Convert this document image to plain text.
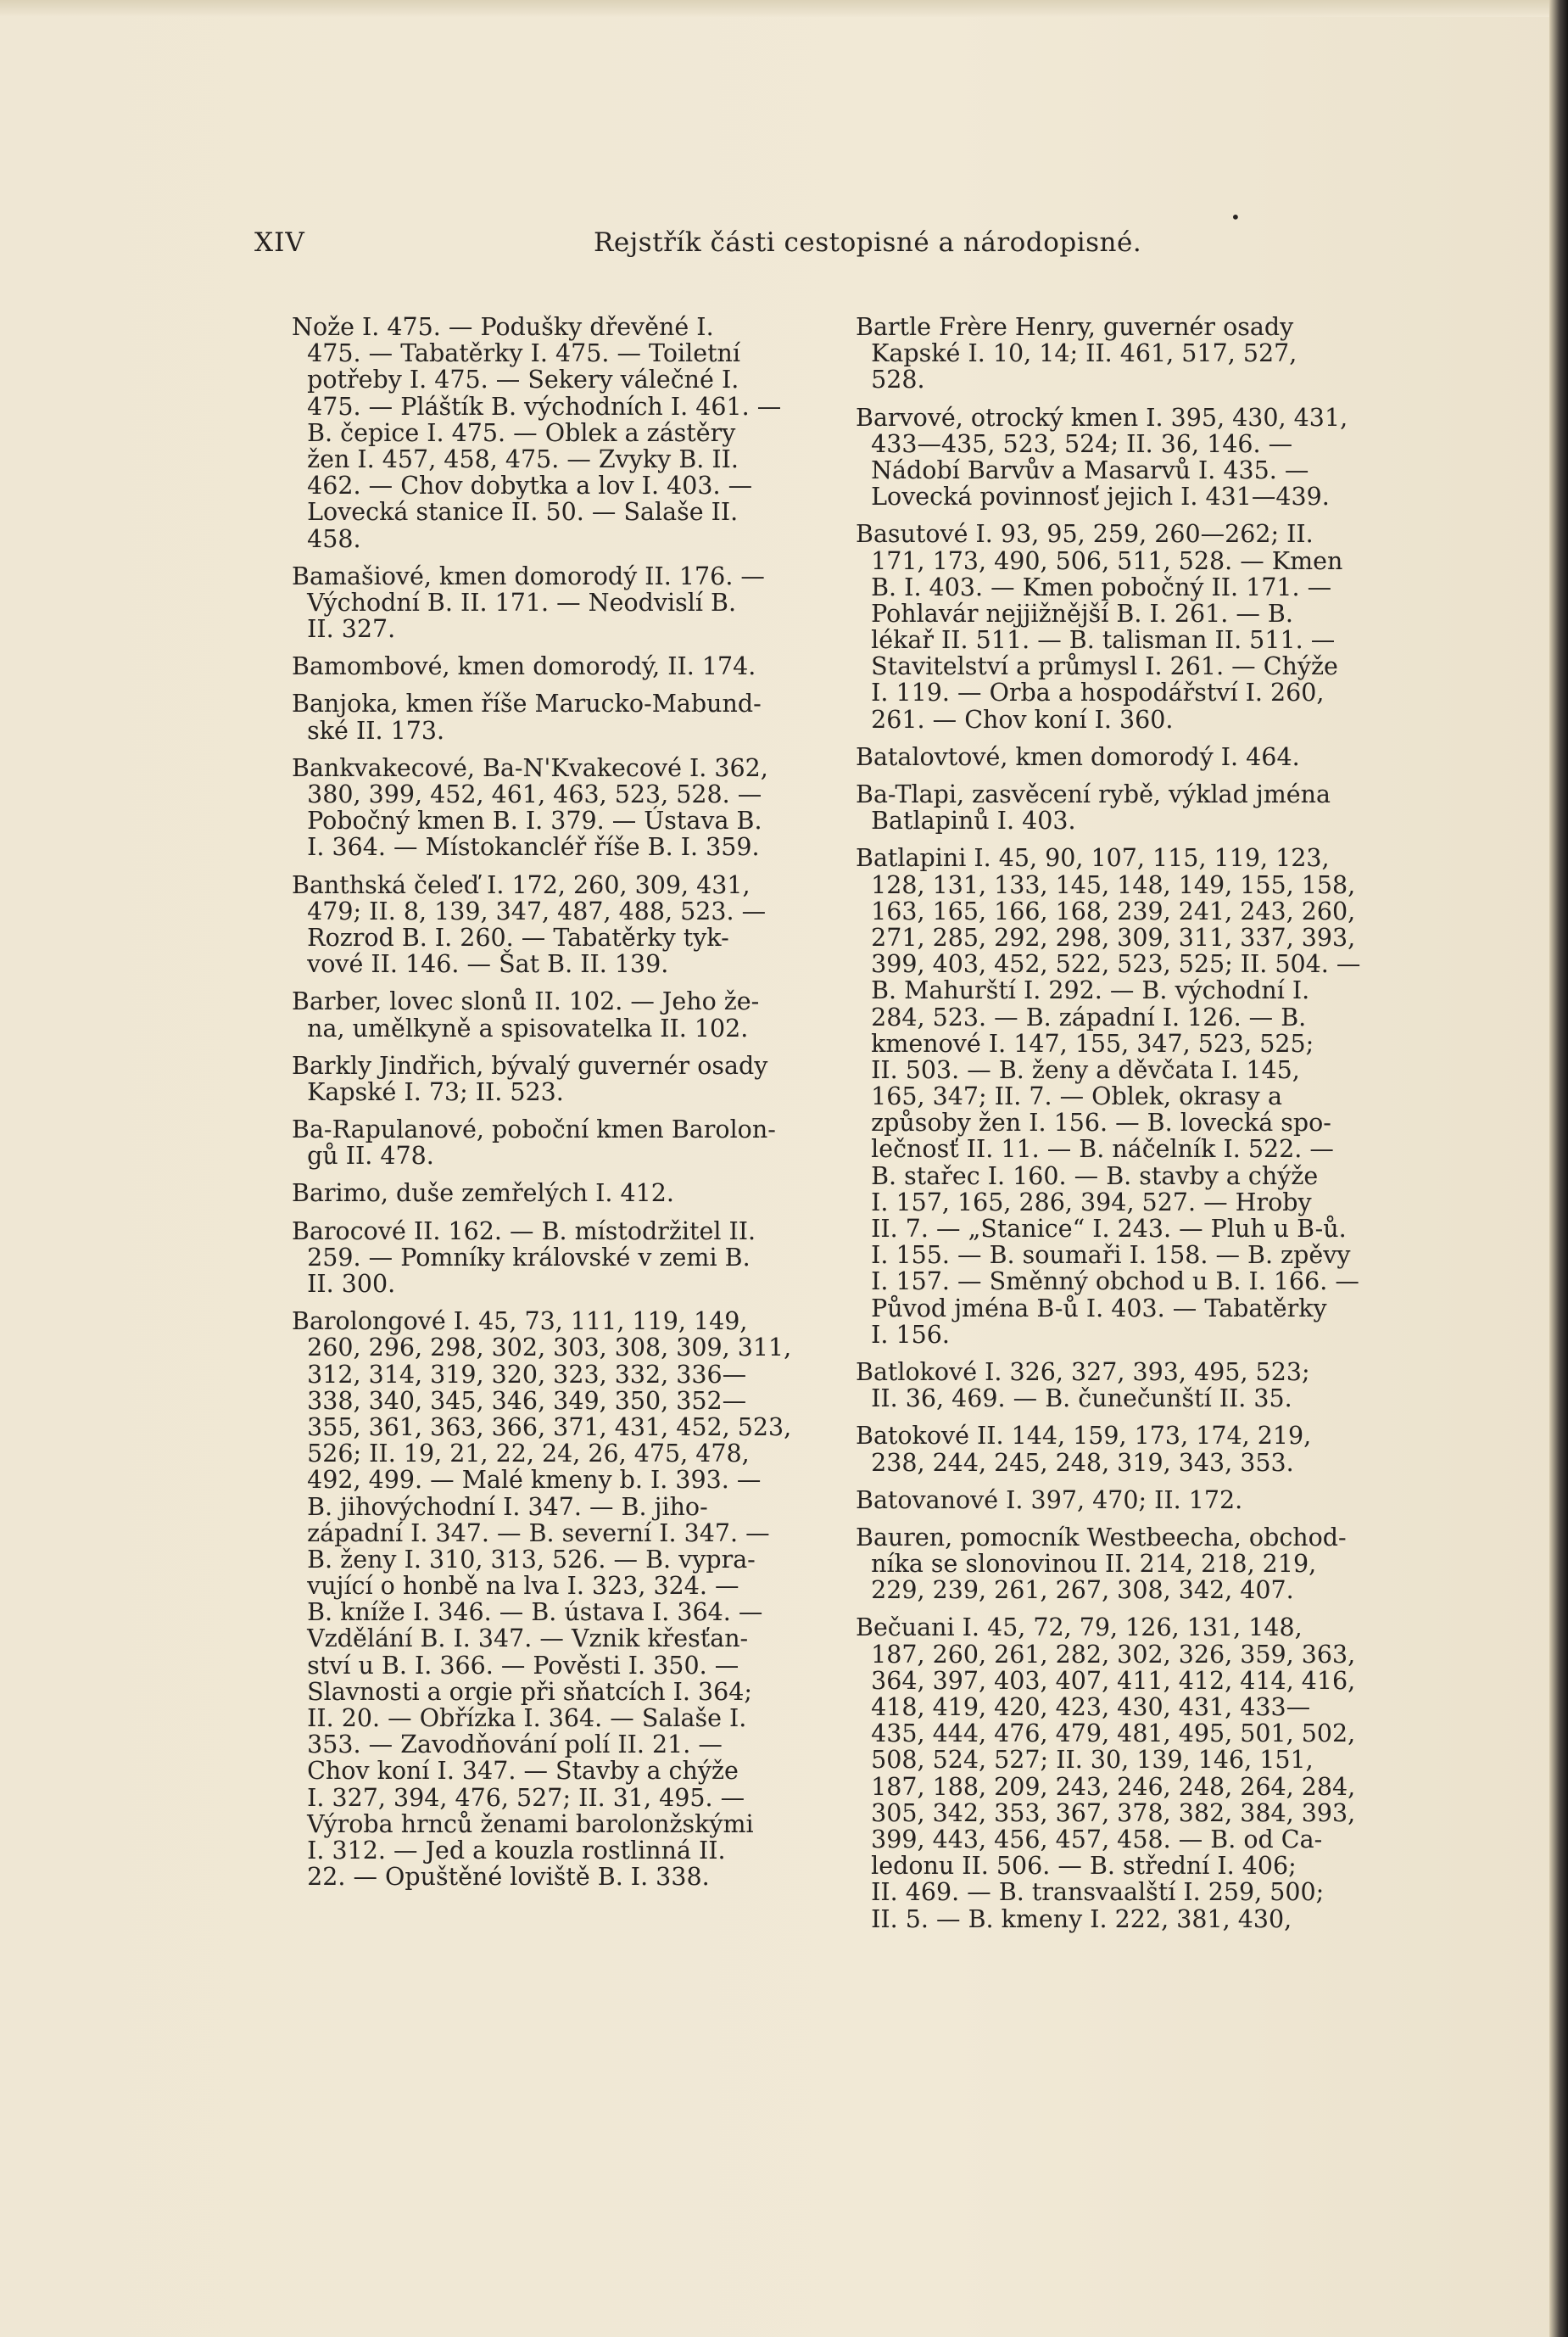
XIV	Rejstřík části cestopisné a národopisné.
•
Nože I. 475. — Podušky dřevěné I.
475. — Tabatěrky I. 475. — Toiletní
potřeby I. 475. — Sekery válečné I.
475. — Pláštík B. východních I. 461. —
B. čepice I. 475. — Oblek a zástěry
žen I. 457, 458, 475. — Zvyky B. II.
462. — Chov dobytka a lov I. 403. —
Lovecká stanice II. 50. — Salaše II.
458.
Bamašiové, kmen domorodý II. 176. —
Východní B. II. 171. — Neodvislí B.
II. 327.
Bamombové, kmen domorodý, II. 174.
Banjoka, kmen říše Marucko-Mabund-
ské II. 173.
Bankvakecové, Ba-N'Kvakecové I. 362,
380, 399, 452, 461, 463, 523, 528. —
Pobočný kmen B. I. 379. — Ústava B.
I. 364. — Místokancléř říše B. I. 359.
Banthská čeleď I. 172, 260, 309, 431,
479; II. 8, 139, 347, 487, 488, 523. —
Rozrod B. I. 260. — Tabatěrky tyk-
vové II. 146. — Šat B. II. 139.
Barber, lovec slonů II. 102. — Jeho že-
na, umělkyně a spisovatelka II. 102.
Barkly Jindřich, bývalý guvernér osady
Kapské I. 73; II. 523.
Ba-Rapulanové, poboční kmen Barolon-
gů II. 478.
Barimo, duše zemřelých I. 412.
Barocové II. 162. — B. místodržitel II.
259. — Pomníky královské v zemi B.
II. 300.
Barolongové I. 45, 73, 111, 119, 149,
260, 296, 298, 302, 303, 308, 309, 311,
312, 314, 319, 320, 323, 332, 336—
338, 340, 345, 346, 349, 350, 352—
355, 361, 363, 366, 371, 431, 452, 523,
526; II. 19, 21, 22, 24, 26, 475, 478,
492, 499. — Malé kmeny b. I. 393. —
B. jihovýchodní I. 347. — B. jiho-
západní I. 347. — B. severní I. 347. —
B. ženy I. 310, 313, 526. — B. vypra-
vující o honbě na lva I. 323, 324. —
B. kníže I. 346. — B. ústava I. 364. —
Vzdělání B. I. 347. — Vznik křesťan-
ství u B. I. 366. — Pověsti I. 350. —
Slavnosti a orgie při sňatcích I. 364;
II. 20. — Obřízka I. 364. — Salaše I.
353. — Zavodňování polí II. 21. —
Chov koní I. 347. — Stavby a chýže
I. 327, 394, 476, 527; II. 31, 495. —
Výroba hrnců ženami barolonžskými
I. 312. — Jed a kouzla rostlinná II.
22. — Opuštěné loviště B. I. 338.
Bartle Frère Henry, guvernér osady
Kapské I. 10, 14; II. 461, 517, 527,
528.
Barvové, otrocký kmen I. 395, 430, 431,
433—435, 523, 524; II. 36, 146. —
Nádobí Barvův a Masarvů I. 435. —
Lovecká povinnosť jejich I. 431—439.
Basutové I. 93, 95, 259, 260—262; II.
171, 173, 490, 506, 511, 528. — Kmen
B. I. 403. — Kmen pobočný II. 171. —
Pohlavár nejjižnější B. I. 261. — B.
lékař II. 511. — B. talisman II. 511. —
Stavitelství a průmysl I. 261. — Chýže
I. 119. — Orba a hospodářství I. 260,
261. — Chov koní I. 360.
Batalovtové, kmen domorodý I. 464.
Ba-Tlapi, zasvěcení rybě, výklad jména
Batlapinů I. 403.
Batlapini I. 45, 90, 107, 115, 119, 123,
128, 131, 133, 145, 148, 149, 155, 158,
163, 165, 166, 168, 239, 241, 243, 260,
271, 285, 292, 298, 309, 311, 337, 393,
399, 403, 452, 522, 523, 525; II. 504. —
B. Mahurští I. 292. — B. východní I.
284, 523. — B. západní I. 126. — B.
kmenové I. 147, 155, 347, 523, 525;
II. 503. — B. ženy a děvčata I. 145,
165, 347; II. 7. — Oblek, okrasy a
způsoby žen I. 156. — B. lovecká spo-
lečnosť II. 11. — B. náčelník I. 522. —
B. stařec I. 160. — B. stavby a chýže
I. 157, 165, 286, 394, 527. — Hroby
II. 7. — „Stanice“ I. 243. — Pluh u B-ů.
I. 155. — B. soumaři I. 158. — B. zpěvy
I. 157. — Směnný obchod u B. I. 166. —
Původ jména B-ů I. 403. — Tabatěrky
I. 156.
Batlokové I. 326, 327, 393, 495, 523;
II. 36, 469. — B. čunečunští II. 35.
Batokové II. 144, 159, 173, 174, 219,
238, 244, 245, 248, 319, 343, 353.
Batovanové I. 397, 470; II. 172.
Bauren, pomocník Westbeecha, obchod-
níka se slonovinou II. 214, 218, 219,
229, 239, 261, 267, 308, 342, 407.
Bečuani I. 45, 72, 79, 126, 131, 148,
187, 260, 261, 282, 302, 326, 359, 363,
364, 397, 403, 407, 411, 412, 414, 416,
418, 419, 420, 423, 430, 431, 433—
435, 444, 476, 479, 481, 495, 501, 502,
508, 524, 527; II. 30, 139, 146, 151,
187, 188, 209, 243, 246, 248, 264, 284,
305, 342, 353, 367, 378, 382, 384, 393,
399, 443, 456, 457, 458. — B. od Ca-
ledonu II. 506. — B. střední I. 406;
II. 469. — B. transvaalští I. 259, 500;
II. 5. — B. kmeny I. 222, 381, 430,
